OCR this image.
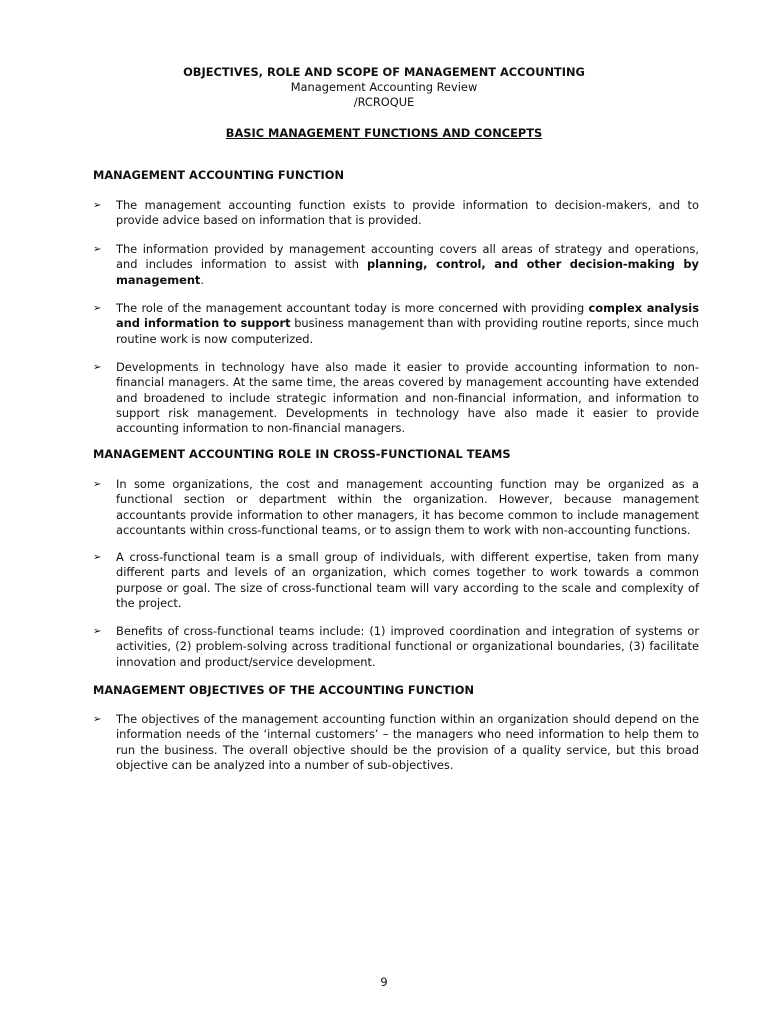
OBJECTIVES, ROLE AND SCOPE OF MANAGEMENT ACCOUNTING
Management Accounting Review
/RCROQUE
BASIC MANAGEMENT FUNCTIONS AND CONCEPTS
MANAGEMENT ACCOUNTING FUNCTION
➢	The management accounting function exists to provide information to decision-makers, and to provide advice based on information that is provided.
➢	The information provided by management accounting covers all areas of strategy and operations, and includes information to assist with planning, control, and other decision-making by management.
➢	The role of the management accountant today is more concerned with providing complex analysis and information to support business management than with providing routine reports, since much routine work is now computerized.
➢	Developments in technology have also made it easier to provide accounting information to non-financial managers. At the same time, the areas covered by management accounting have extended and broadened to include strategic information and non-financial information, and information to support risk management. Developments in technology have also made it easier to provide accounting information to non-financial managers.
MANAGEMENT ACCOUNTING ROLE IN CROSS-FUNCTIONAL TEAMS
➢	In some organizations, the cost and management accounting function may be organized as a functional section or department within the organization. However, because management accountants provide information to other managers, it has become common to include management accountants within cross-functional teams, or to assign them to work with non-accounting functions.
➢	A cross-functional team is a small group of individuals, with different expertise, taken from many different parts and levels of an organization, which comes together to work towards a common purpose or goal. The size of cross-functional team will vary according to the scale and complexity of the project.
➢	Benefits of cross-functional teams include: (1) improved coordination and integration of systems or activities, (2) problem-solving across traditional functional or organizational boundaries, (3) facilitate innovation and product/service development.
MANAGEMENT OBJECTIVES OF THE ACCOUNTING FUNCTION
➢	The objectives of the management accounting function within an organization should depend on the information needs of the ‘internal customers’ – the managers who need information to help them to run the business. The overall objective should be the provision of a quality service, but this broad objective can be analyzed into a number of sub-objectives.
9
